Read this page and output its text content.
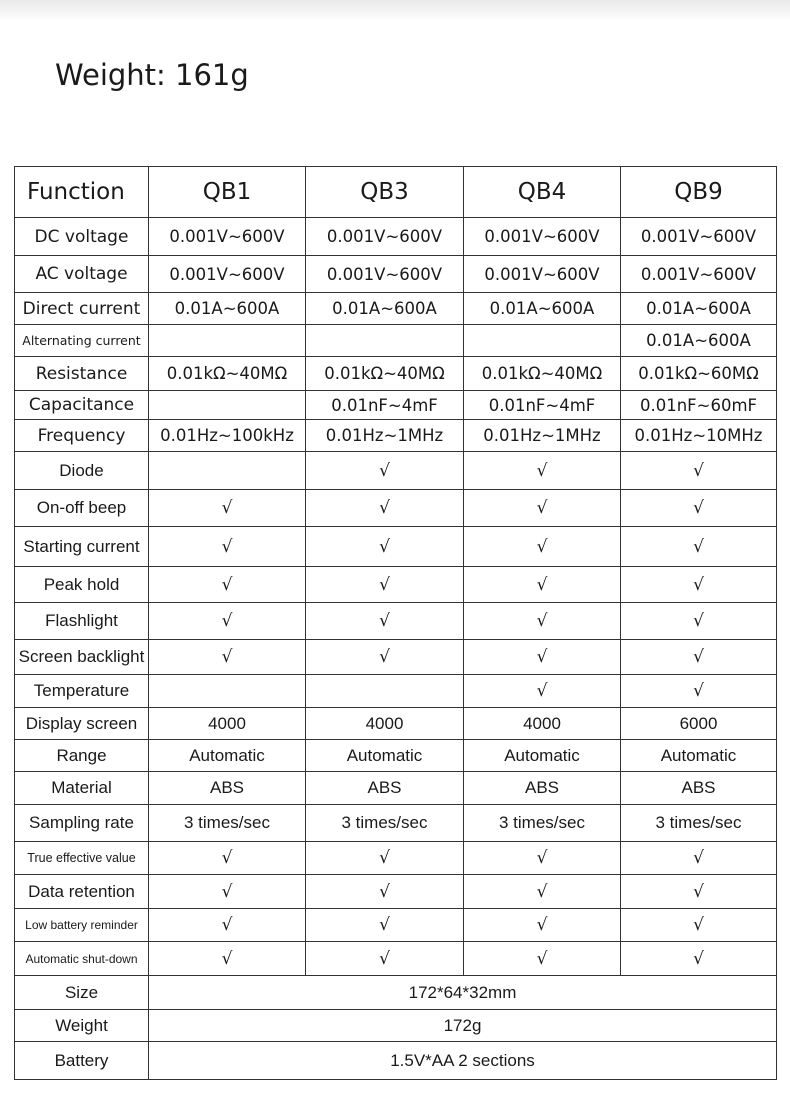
Weight: 161g
Function	QB1	QB3	QB4	QB9
DC voltage	0.001V~600V	0.001V~600V	0.001V~600V	0.001V~600V
AC voltage	0.001V~600V	0.001V~600V	0.001V~600V	0.001V~600V
Direct current	0.01A~600A	0.01A~600A	0.01A~600A	0.01A~600A
Alternating current				0.01A~600A
Resistance	0.01kΩ~40MΩ	0.01kΩ~40MΩ	0.01kΩ~40MΩ	0.01kΩ~60MΩ
Capacitance		0.01nF~4mF	0.01nF~4mF	0.01nF~60mF
Frequency	0.01Hz~100kHz	0.01Hz~1MHz	0.01Hz~1MHz	0.01Hz~10MHz
Diode		√	√	√
On-off beep	√	√	√	√
Starting current	√	√	√	√
Peak hold	√	√	√	√
Flashlight	√	√	√	√
Screen backlight	√	√	√	√
Temperature			√	√
Display screen	4000	4000	4000	6000
Range	Automatic	Automatic	Automatic	Automatic
Material	ABS	ABS	ABS	ABS
Sampling rate	3 times/sec	3 times/sec	3 times/sec	3 times/sec
True effective value	√	√	√	√
Data retention	√	√	√	√
Low battery reminder	√	√	√	√
Automatic shut-down	√	√	√	√
Size	172*64*32mm			
Weight	172g			
Battery	1.5V*AA 2 sections			
